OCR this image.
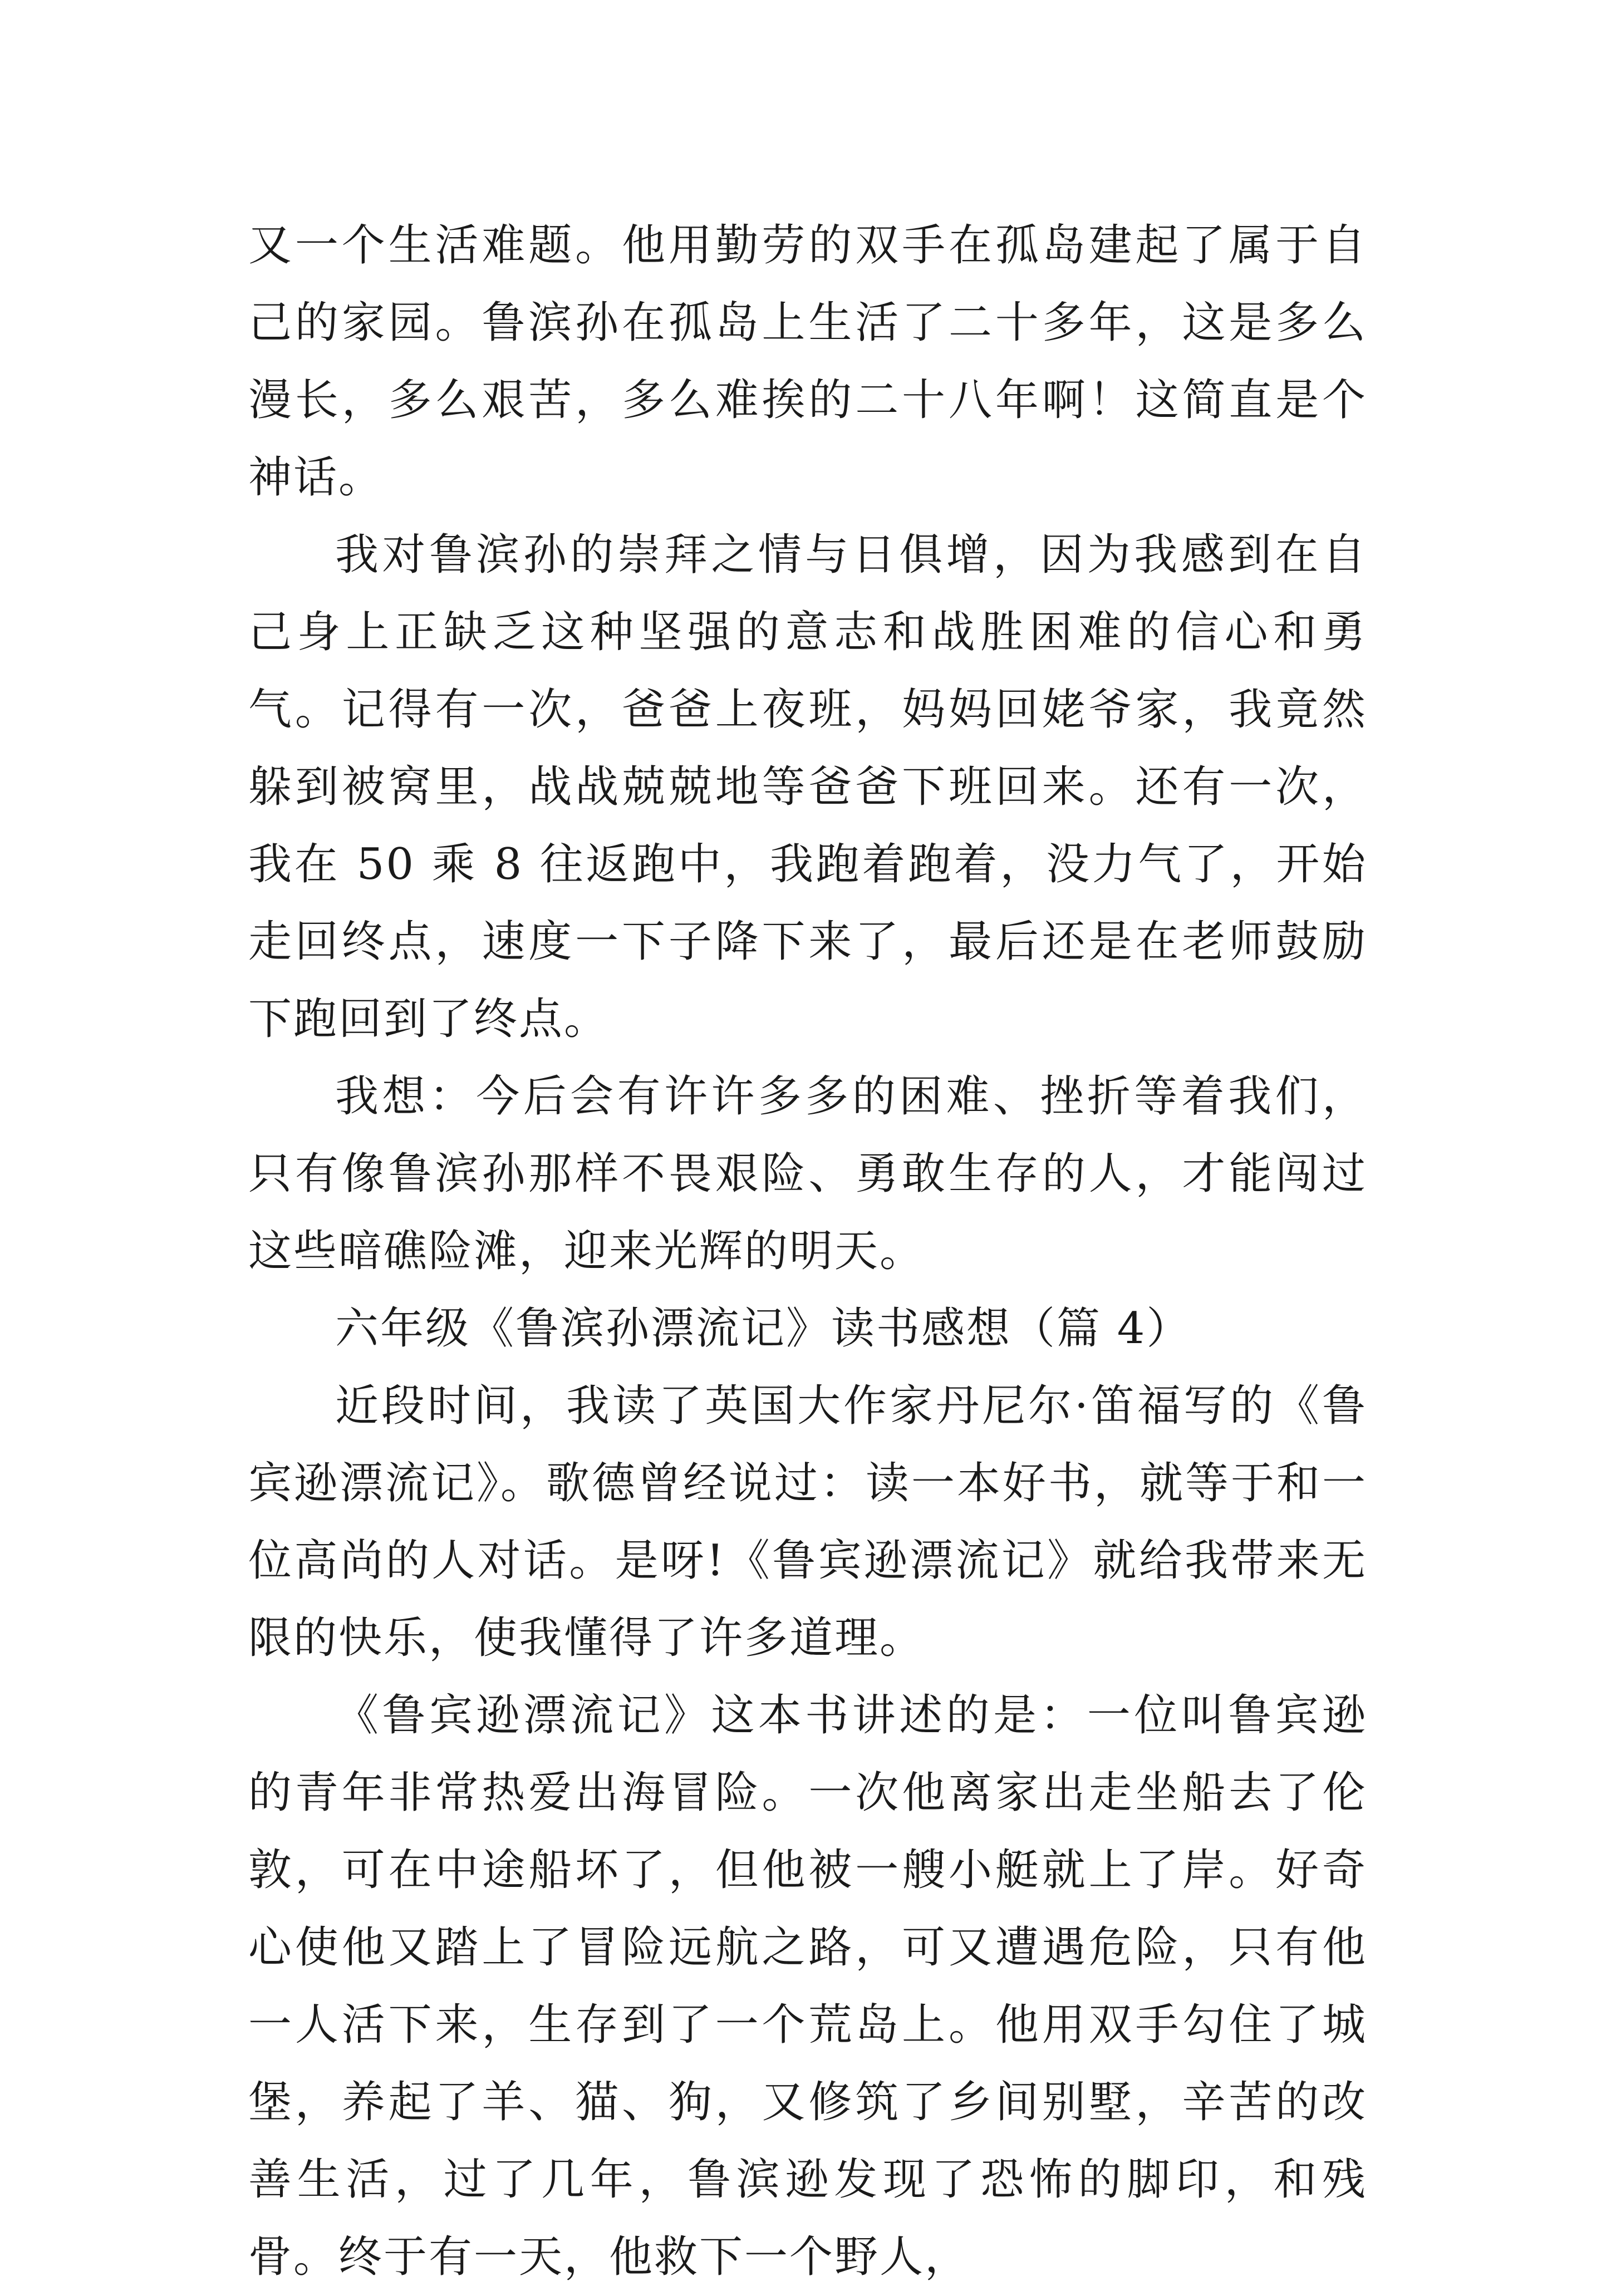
又一个生活难题。他用勤劳的双手在孤岛建起了属于自己的家园。鲁滨孙在孤岛上生活了二十多年，这是多么漫长，多么艰苦，多么难挨的二十八年啊！这简直是个神话。

我对鲁滨孙的崇拜之情与日俱增，因为我感到在自己身上正缺乏这种坚强的意志和战胜困难的信心和勇气。记得有一次，爸爸上夜班，妈妈回姥爷家，我竟然躲到被窝里，战战兢兢地等爸爸下班回来。还有一次，我在 50 乘 8 往返跑中，我跑着跑着，没力气了，开始走回终点，速度一下子降下来了，最后还是在老师鼓励下跑回到了终点。

我想：今后会有许许多多的困难、挫折等着我们，只有像鲁滨孙那样不畏艰险、勇敢生存的人，才能闯过这些暗礁险滩，迎来光辉的明天。

六年级《鲁滨孙漂流记》读书感想（篇 4）

近段时间，我读了英国大作家丹尼尔·笛福写的《鲁宾逊漂流记》。歌德曾经说过：读一本好书，就等于和一位高尚的人对话。是呀!《鲁宾逊漂流记》就给我带来无限的快乐，使我懂得了许多道理。

《鲁宾逊漂流记》这本书讲述的是：一位叫鲁宾逊的青年非常热爱出海冒险。一次他离家出走坐船去了伦敦，可在中途船坏了，但他被一艘小艇就上了岸。好奇心使他又踏上了冒险远航之路，可又遭遇危险，只有他一人活下来，生存到了一个荒岛上。他用双手勾住了城堡，养起了羊、猫、狗，又修筑了乡间别墅，辛苦的改善生活，过了几年，鲁滨逊发现了恐怖的脚印，和残骨。终于有一天，他救下一个野人，
